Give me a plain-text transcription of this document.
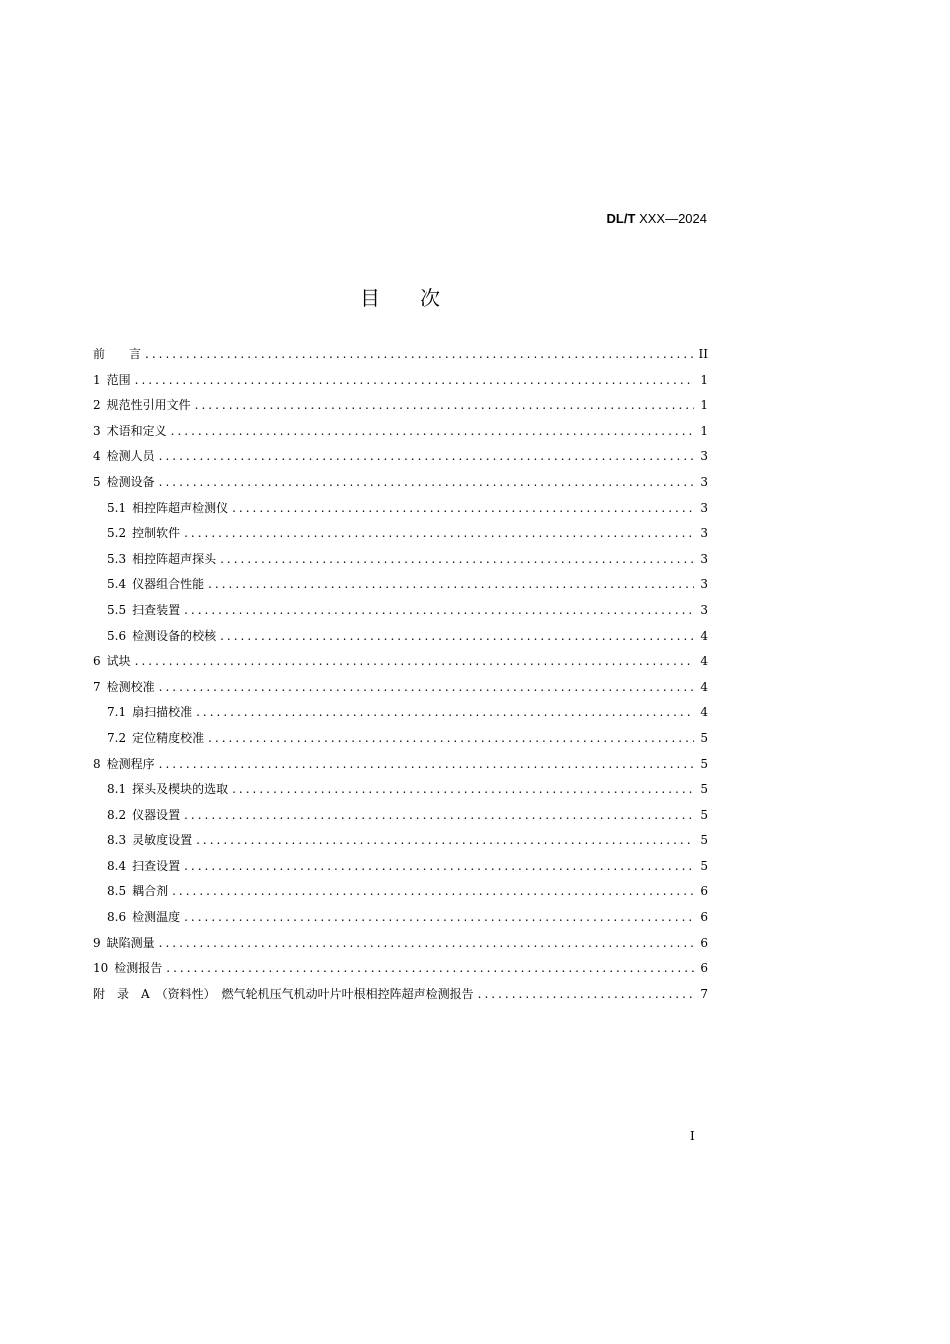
DL/T XXX—2024
目次
前　　言 .....	II
1 范围 .....	1
2 规范性引用文件 .....	1
3 术语和定义 .....	1
4 检测人员 .....	3
5 检测设备 .....	3
5.1 相控阵超声检测仪 .....	3
5.2 控制软件 .....	3
5.3 相控阵超声探头 .....	3
5.4 仪器组合性能 .....	3
5.5 扫查装置 .....	3
5.6 检测设备的校核 .....	4
6 试块 .....	4
7 检测校准 .....	4
7.1 扇扫描校准 .....	4
7.2 定位精度校准 .....	5
8 检测程序 .....	5
8.1 探头及楔块的选取 .....	5
8.2 仪器设置 .....	5
8.3 灵敏度设置 .....	5
8.4 扫查设置 .....	5
8.5 耦合剂 .....	6
8.6 检测温度 .....	6
9 缺陷测量 .....	6
10 检测报告 .....	6
附　录　A　（资料性）　燃气轮机压气机动叶片叶根相控阵超声检测报告 .....	7
I
